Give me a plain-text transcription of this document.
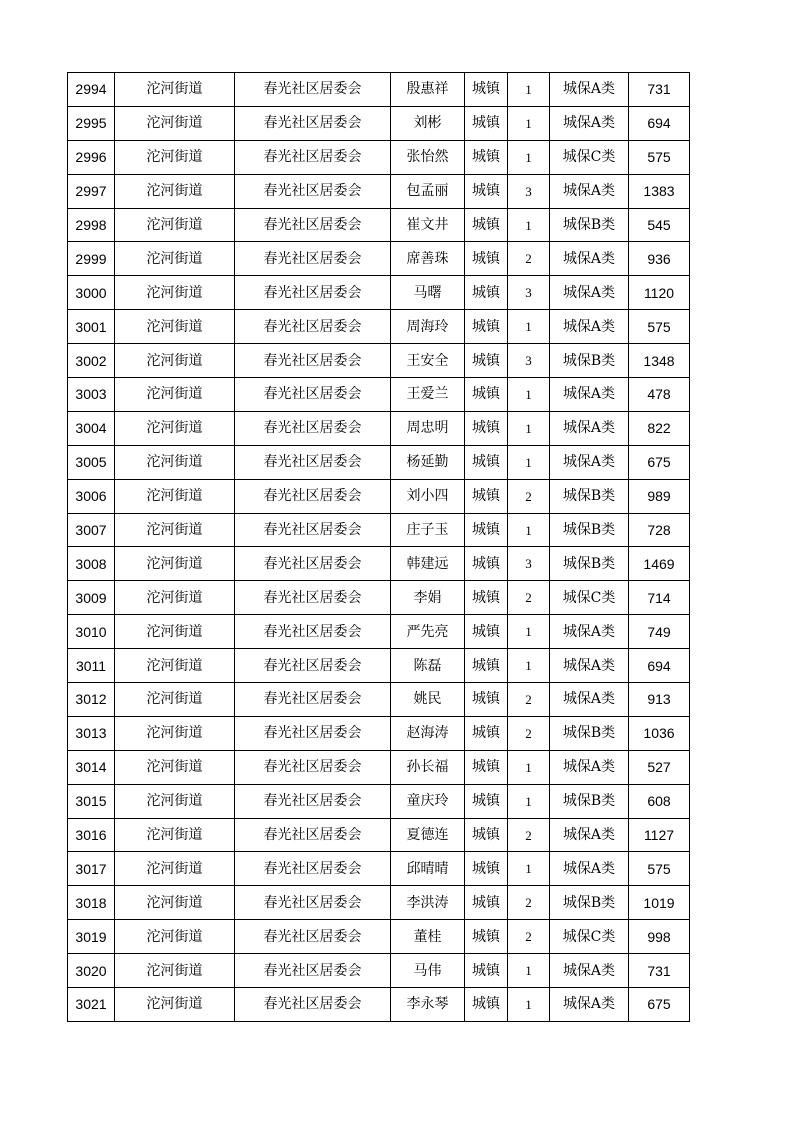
2994	沱河街道	春光社区居委会	殷惠祥	城镇	1	城保A类	731
2995	沱河街道	春光社区居委会	刘彬	城镇	1	城保A类	694
2996	沱河街道	春光社区居委会	张怡然	城镇	1	城保C类	575
2997	沱河街道	春光社区居委会	包孟丽	城镇	3	城保A类	1383
2998	沱河街道	春光社区居委会	崔文井	城镇	1	城保B类	545
2999	沱河街道	春光社区居委会	席善珠	城镇	2	城保A类	936
3000	沱河街道	春光社区居委会	马曙	城镇	3	城保A类	1120
3001	沱河街道	春光社区居委会	周海玲	城镇	1	城保A类	575
3002	沱河街道	春光社区居委会	王安全	城镇	3	城保B类	1348
3003	沱河街道	春光社区居委会	王爱兰	城镇	1	城保A类	478
3004	沱河街道	春光社区居委会	周忠明	城镇	1	城保A类	822
3005	沱河街道	春光社区居委会	杨延勤	城镇	1	城保A类	675
3006	沱河街道	春光社区居委会	刘小四	城镇	2	城保B类	989
3007	沱河街道	春光社区居委会	庄子玉	城镇	1	城保B类	728
3008	沱河街道	春光社区居委会	韩建远	城镇	3	城保B类	1469
3009	沱河街道	春光社区居委会	李娟	城镇	2	城保C类	714
3010	沱河街道	春光社区居委会	严先亮	城镇	1	城保A类	749
3011	沱河街道	春光社区居委会	陈磊	城镇	1	城保A类	694
3012	沱河街道	春光社区居委会	姚民	城镇	2	城保A类	913
3013	沱河街道	春光社区居委会	赵海涛	城镇	2	城保B类	1036
3014	沱河街道	春光社区居委会	孙长福	城镇	1	城保A类	527
3015	沱河街道	春光社区居委会	童庆玲	城镇	1	城保B类	608
3016	沱河街道	春光社区居委会	夏德连	城镇	2	城保A类	1127
3017	沱河街道	春光社区居委会	邱晴晴	城镇	1	城保A类	575
3018	沱河街道	春光社区居委会	李洪涛	城镇	2	城保B类	1019
3019	沱河街道	春光社区居委会	董桂	城镇	2	城保C类	998
3020	沱河街道	春光社区居委会	马伟	城镇	1	城保A类	731
3021	沱河街道	春光社区居委会	李永琴	城镇	1	城保A类	675
